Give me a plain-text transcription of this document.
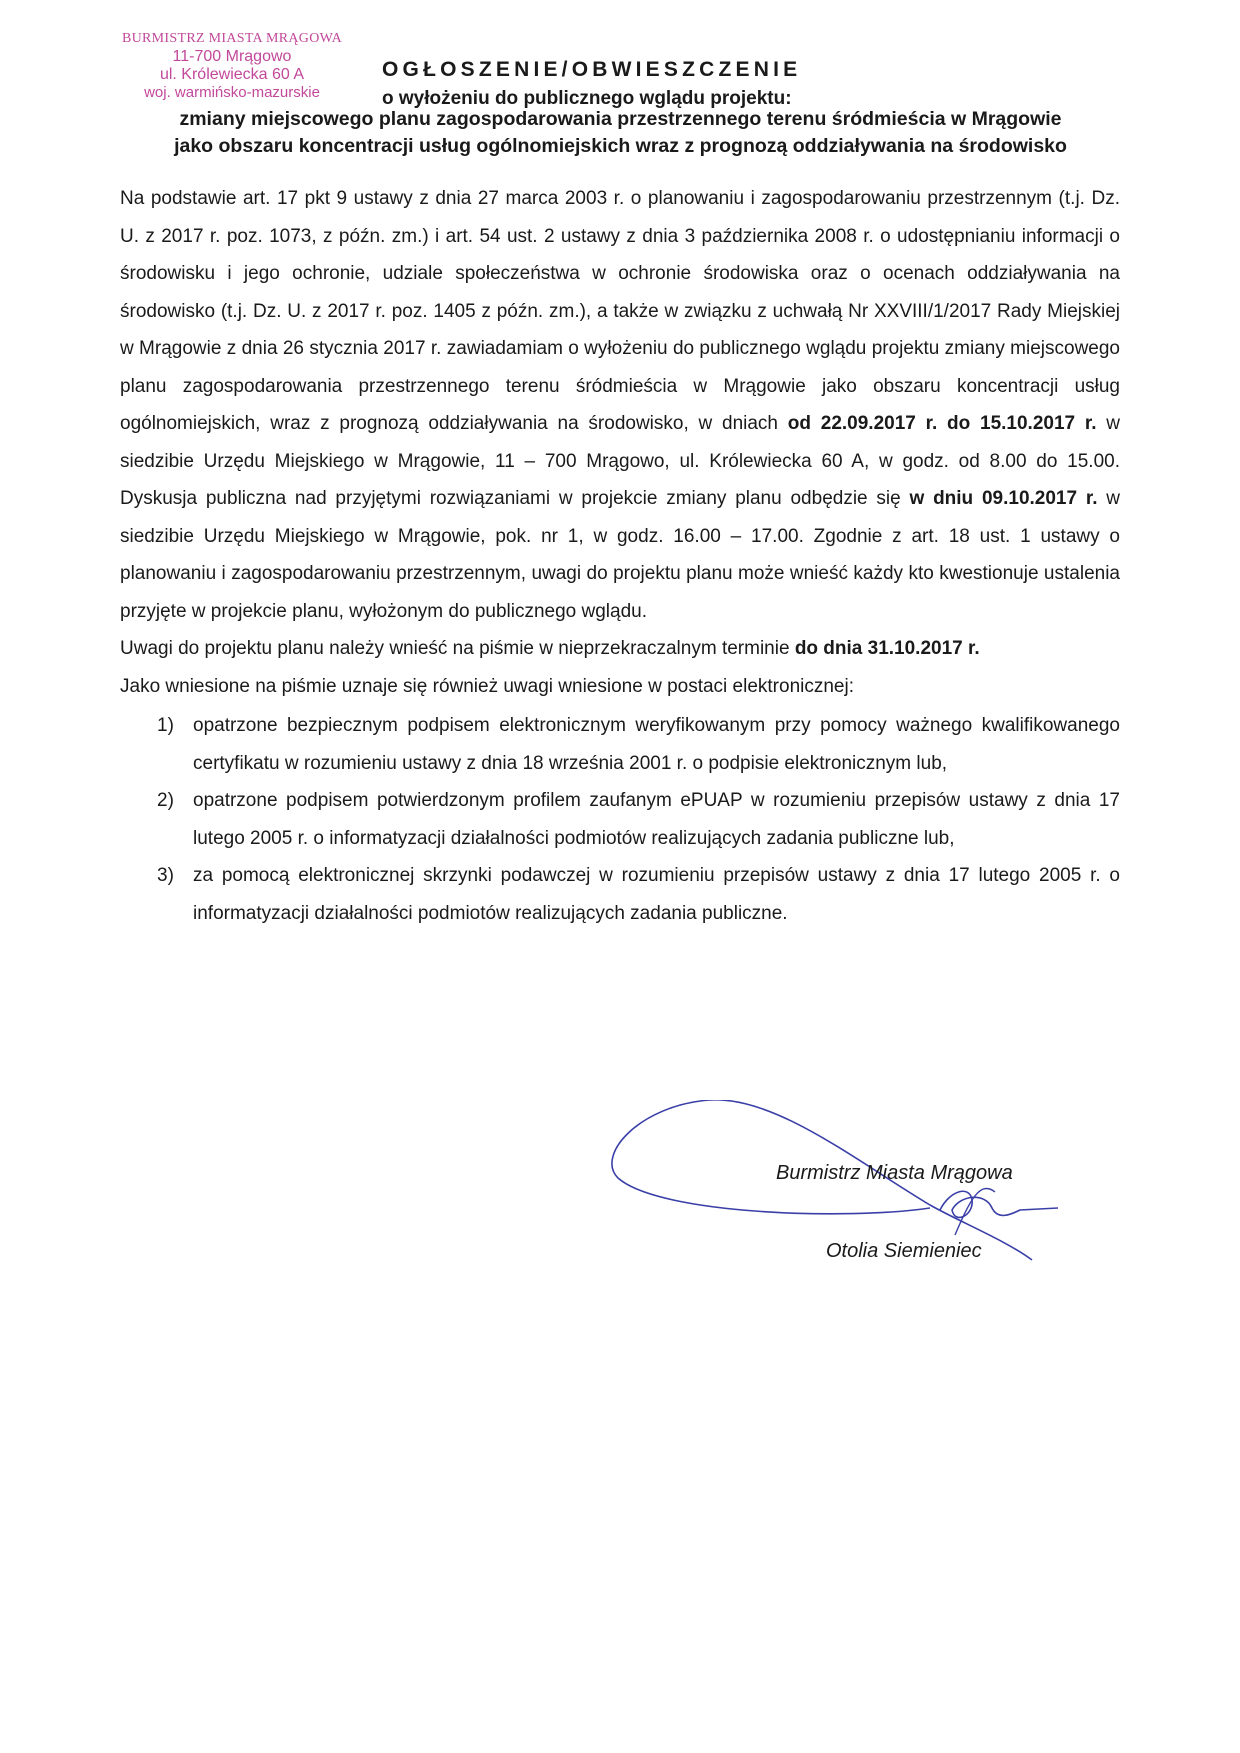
BURMISTRZ MIASTA MRĄGOWA
11-700 Mrągowo
ul. Królewiecka 60 A
woj. warmińsko-mazurskie
OGŁOSZENIE/OBWIESZCZENIE
o wyłożeniu do publicznego wglądu projektu:
zmiany miejscowego planu zagospodarowania przestrzennego terenu śródmieścia w Mrągowie
jako obszaru koncentracji usług ogólnomiejskich wraz z prognozą oddziaływania na środowisko

Na podstawie art. 17 pkt 9 ustawy z dnia 27 marca 2003 r. o planowaniu i zagospodarowaniu przestrzennym (t.j. Dz. U. z 2017 r. poz. 1073, z późn. zm.) i art. 54 ust. 2 ustawy z dnia 3 października 2008 r. o udostępnianiu informacji o środowisku i jego ochronie, udziale społeczeństwa w ochronie środowiska oraz o ocenach oddziaływania na środowisko (t.j. Dz. U. z 2017 r. poz. 1405 z późn. zm.), a także w związku z uchwałą Nr XXVIII/1/2017 Rady Miejskiej w Mrągowie z dnia 26 stycznia 2017 r. zawiadamiam o wyłożeniu do publicznego wglądu projektu zmiany miejscowego planu zagospodarowania przestrzennego terenu śródmieścia w Mrągowie jako obszaru koncentracji usług ogólnomiejskich, wraz z prognozą oddziaływania na środowisko, w dniach od 22.09.2017 r. do 15.10.2017 r. w siedzibie Urzędu Miejskiego w Mrągowie, 11 – 700 Mrągowo, ul. Królewiecka 60 A, w godz. od 8.00 do 15.00. Dyskusja publiczna nad przyjętymi rozwiązaniami w projekcie zmiany planu odbędzie się w dniu 09.10.2017 r. w siedzibie Urzędu Miejskiego w Mrągowie, pok. nr 1, w godz. 16.00 – 17.00. Zgodnie z art. 18 ust. 1 ustawy o planowaniu i zagospodarowaniu przestrzennym, uwagi do projektu planu może wnieść każdy kto kwestionuje ustalenia przyjęte w projekcie planu, wyłożonym do publicznego wglądu.

Uwagi do projektu planu należy wnieść na piśmie w nieprzekraczalnym terminie do dnia 31.10.2017 r.
Jako wniesione na piśmie uznaje się również uwagi wniesione w postaci elektronicznej:
1) opatrzone bezpiecznym podpisem elektronicznym weryfikowanym przy pomocy ważnego kwalifikowanego certyfikatu w rozumieniu ustawy z dnia 18 września 2001 r. o podpisie elektronicznym lub,
2) opatrzone podpisem potwierdzonym profilem zaufanym ePUAP w rozumieniu przepisów ustawy z dnia 17 lutego 2005 r. o informatyzacji działalności podmiotów realizujących zadania publiczne lub,
3) za pomocą elektronicznej skrzynki podawczej w rozumieniu przepisów ustawy z dnia 17 lutego 2005 r. o informatyzacji działalności podmiotów realizujących zadania publiczne.
Burmistrz Miasta Mrągowa
Otolia Siemieniec
